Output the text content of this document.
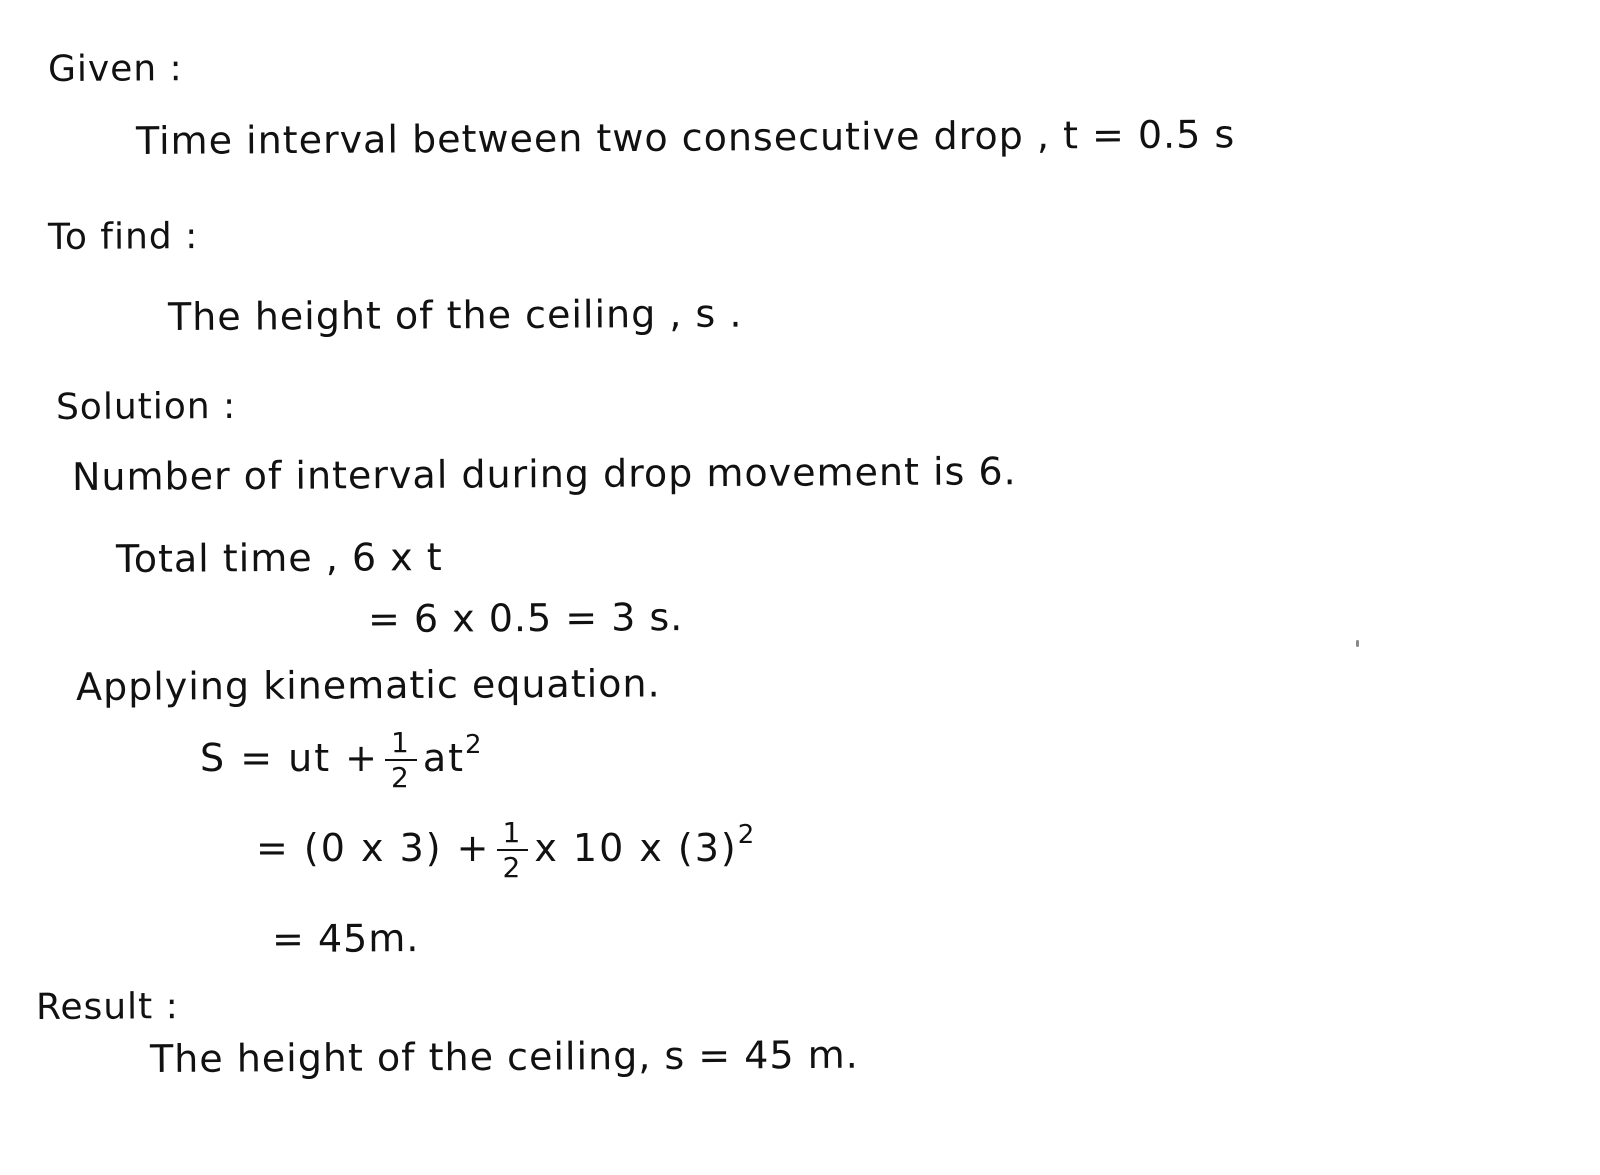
Given :
Time interval between two consecutive drop , t = 0.5 s
To find :
The height of the ceiling , s .
Solution :
Number of interval during drop movement is 6.
Total time , 6 x t
= 6 x 0.5 = 3 s.
Applying kinematic equation.
S = ut + $\frac{1}{2} at^2$
= (0 x $3) + \frac{1}{2}$ x 10 x $(3)^2$
= 45m.
Result :
The height of the ceiling, s = 45 m.
